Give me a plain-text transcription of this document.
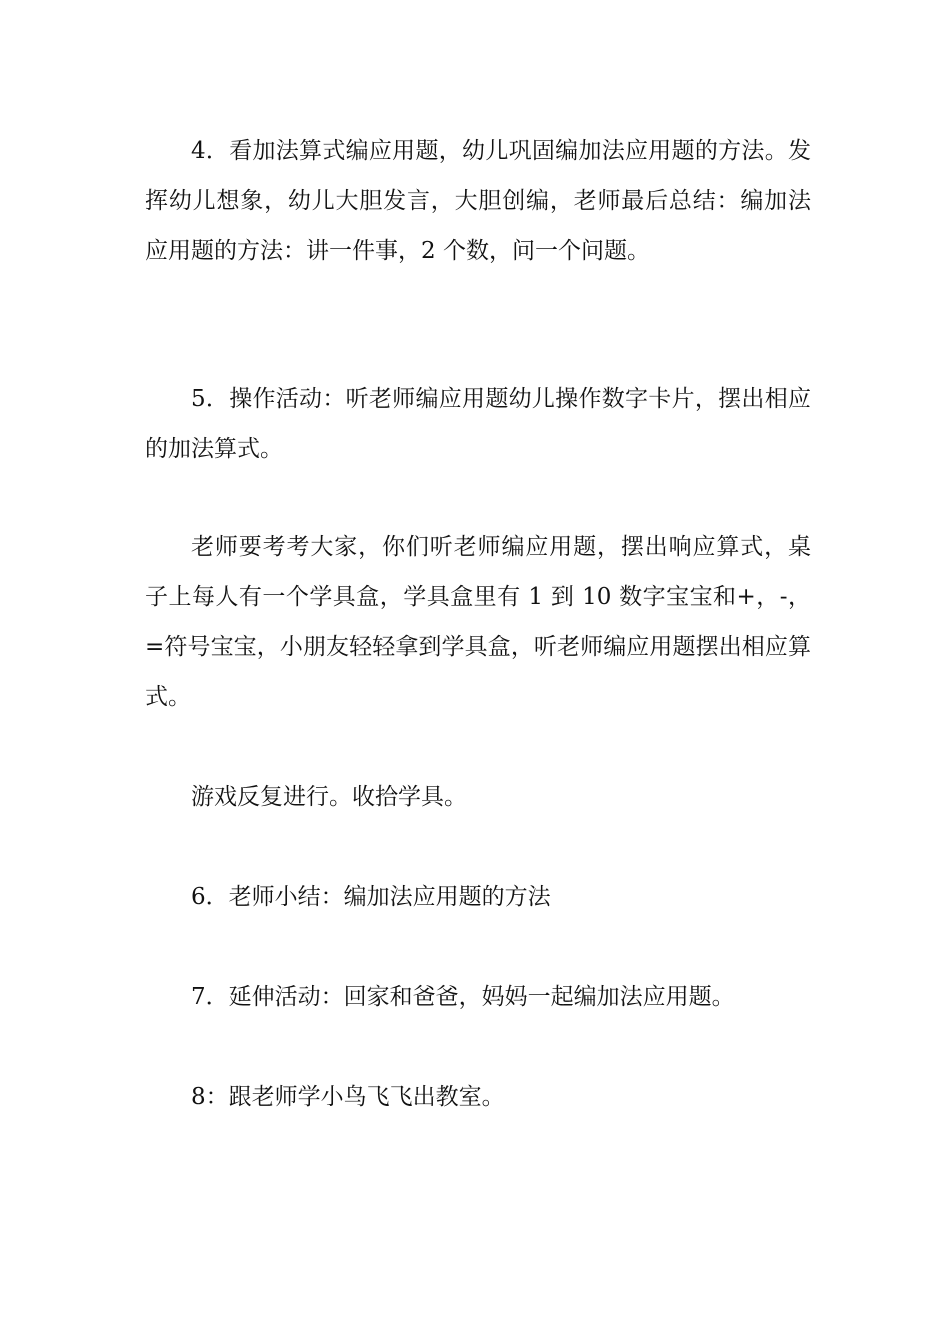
4．看加法算式编应用题，幼儿巩固编加法应用题的方法。发挥幼儿想象，幼儿大胆发言，大胆创编，老师最后总结：编加法应用题的方法：讲一件事，2 个数，问一个问题。

5．操作活动：听老师编应用题幼儿操作数字卡片，摆出相应的加法算式。

老师要考考大家，你们听老师编应用题，摆出响应算式，桌子上每人有一个学具盒，学具盒里有 1 到 10 数字宝宝和+，-，=符号宝宝，小朋友轻轻拿到学具盒，听老师编应用题摆出相应算式。

游戏反复进行。收拾学具。

6．老师小结：编加法应用题的方法

7．延伸活动：回家和爸爸，妈妈一起编加法应用题。

8：跟老师学小鸟飞飞出教室。
